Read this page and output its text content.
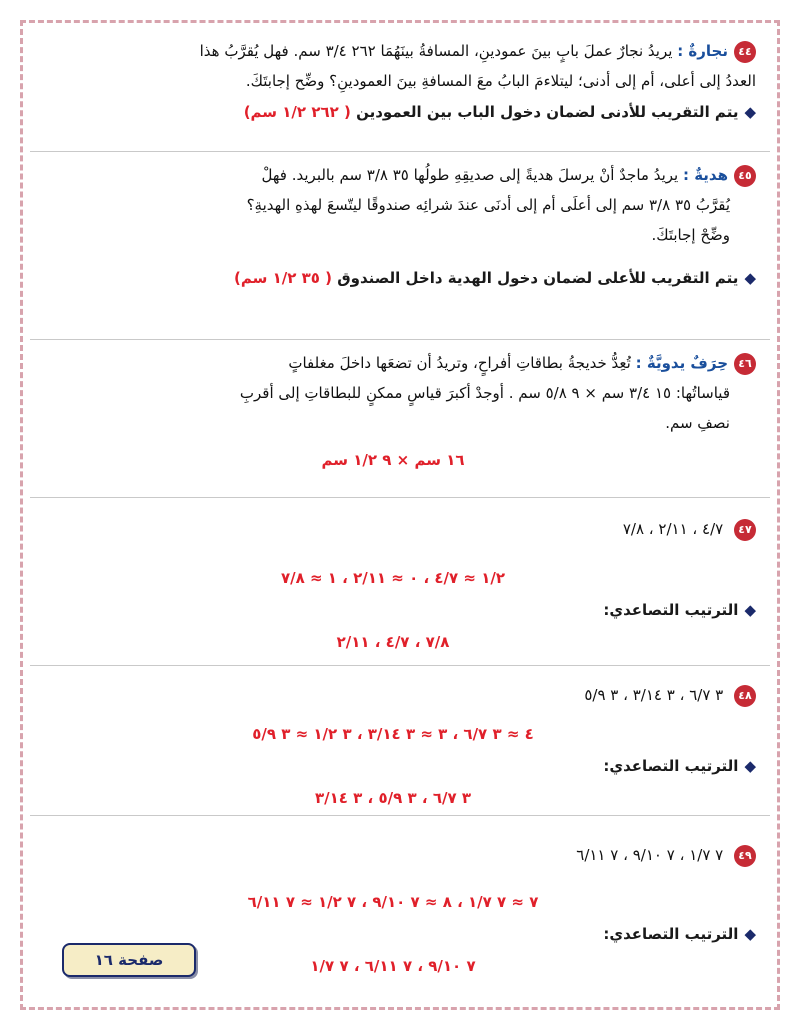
٤٤نجارةٌ : يريدُ نجارٌ عملَ بابٍ بينَ عمودينِ، المسافةُ بينَهُمَا ٢٦٢ ٣/٤ سم. فهل يُقرَّبُ هذا
العددُ إلى أعلى، أم إلى أدنى؛ ليتلاءمَ البابُ معَ المسافةِ بينَ العمودينِ؟ وضِّح إجابتَكَ.
◆يتم التقريب للأدنى لضمان دخول الباب بين العمودين ( ٢٦٢ ١/٢ سم)
٤٥هديةٌ : يريدُ ماجدٌ أنْ يرسلَ هديةً إلى صديقِهِ طولُها ٣٥ ٣/٨ سم بالبريد. فهلْ
يُقرَّبُ ٣٥ ٣/٨ سم إلى أعلَى أم إلى أدنَى عندَ شرائِه صندوقًا ليتّسعَ لهذهِ الهديةِ؟
وضِّحْ إجابتَكَ.
◆يتم التقريب للأعلى لضمان دخول الهدية داخل الصندوق ( ٣٥ ١/٢ سم)
٤٦حِرَفٌ يدويَّةٌ : تُعِدُّ خديجةُ بطاقاتِ أفراحٍ، وتريدُ أن تضعَها داخلَ مغلفاتٍ
قياساتُها: ١٥ ٣/٤ سم × ٩ ٥/٨ سم . أوجدْ أكبرَ قياسٍ ممكنٍ للبطاقاتِ إلى أقربِ
نصفِ سم.
١٦ سم × ٩ ١/٢ سم
٤٧ ٤/٧ ، ٢/١١ ، ٧/٨
١/٢ ≈ ٤/٧ ، ٠ ≈ ٢/١١ ، ١ ≈ ٧/٨
◆الترتيب التصاعدي:
٧/٨ ، ٤/٧ ، ٢/١١
٤٨ ٣ ٦/٧ ، ٣ ٣/١٤ ، ٣ ٥/٩
٤ ≈ ٣ ٦/٧ ، ٣ ≈ ٣ ٣/١٤ ، ٣ ١/٢ ≈ ٣ ٥/٩
◆الترتيب التصاعدي:
٣ ٦/٧ ، ٣ ٥/٩ ، ٣ ٣/١٤
٤٩ ٧ ١/٧ ، ٧ ٩/١٠ ، ٧ ٦/١١
٧ ≈ ٧ ١/٧ ، ٨ ≈ ٧ ٩/١٠ ، ٧ ١/٢ ≈ ٧ ٦/١١
◆الترتيب التصاعدي:
٧ ٩/١٠ ، ٧ ٦/١١ ، ٧ ١/٧
صفحة ١٦
